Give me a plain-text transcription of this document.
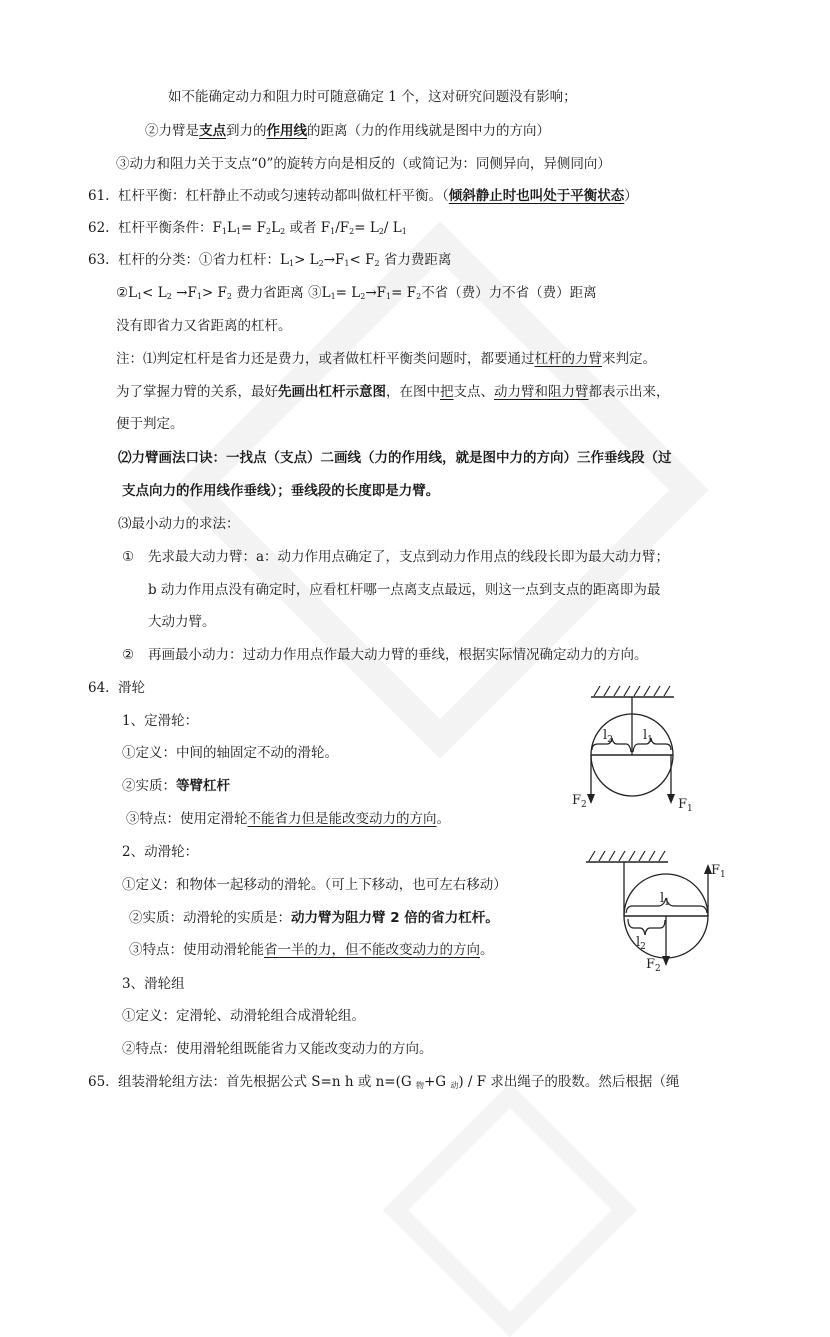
如不能确定动力和阻力时可随意确定 1 个，这对研究问题没有影响；
②力臂是支点到力的作用线的距离（力的作用线就是图中力的方向）
③动力和阻力关于支点“0”的旋转方向是相反的（或简记为：同侧异向，异侧同向）
61. 杠杆平衡：杠杆静止不动或匀速转动都叫做杠杆平衡。（倾斜静止时也叫处于平衡状态）
62. 杠杆平衡条件：$F_1L_1= F_2L_2$ 或者 $F_1/F_2= L_2/$ $L_1$
63. 杠杆的分类：①省力杠杆：$L_1> L_2\to F_1< F_2$ 省力费距离
$②L_1< L_2 \to F_1> F_2$ 费力省距离 $③L_1= L_2\to F_1= F_2$不省（费）力不省（费）距离
没有即省力又省距离的杠杆。
注：⑴判定杠杆是省力还是费力，或者做杠杆平衡类问题时，都要通过杠杆的力臂来判定。
为了掌握力臂的关系，最好先画出杠杆示意图，在图中把支点、动力臂和阻力臂都表示出来，
便于判定。
⑵力臂画法口诀：一找点（支点）二画线（力的作用线，就是图中力的方向）三作垂线段（过
支点向力的作用线作垂线）；垂线段的长度即是力臂。
⑶最小动力的求法：
① 先求最大动力臂：a：动力作用点确定了，支点到动力作用点的线段长即为最大动力臂；
b 动力作用点没有确定时，应看杠杆哪一点离支点最远，则这一点到支点的距离即为最
大动力臂。
② 再画最小动力：过动力作用点作最大动力臂的垂线，根据实际情况确定动力的方向。
64. 滑轮
1、定滑轮：
①定义：中间的轴固定不动的滑轮。
②实质：等臂杠杆
③特点：使用定滑轮不能省力但是能改变动力的方向。
2、动滑轮：
①定义：和物体一起移动的滑轮。（可上下移动，也可左右移动）
②实质：动滑轮的实质是：动力臂为阻力臂 2 倍的省力杠杆。
③特点：使用动滑轮能省一半的力，但不能改变动力的方向。
3、滑轮组
①定义：定滑轮、动滑轮组合成滑轮组。
②特点：使用滑轮组既能省力又能改变动力的方向。
65. 组装滑轮组方法：首先根据公式 S=n h 或 n=(G $_物$+G $_动$) / F 求出绳子的股数。然后根据（绳
$l_2$ $l_1$
$F_2$	$F_1$
$l_1$
$l_2$
$F_1$
$F_2$
